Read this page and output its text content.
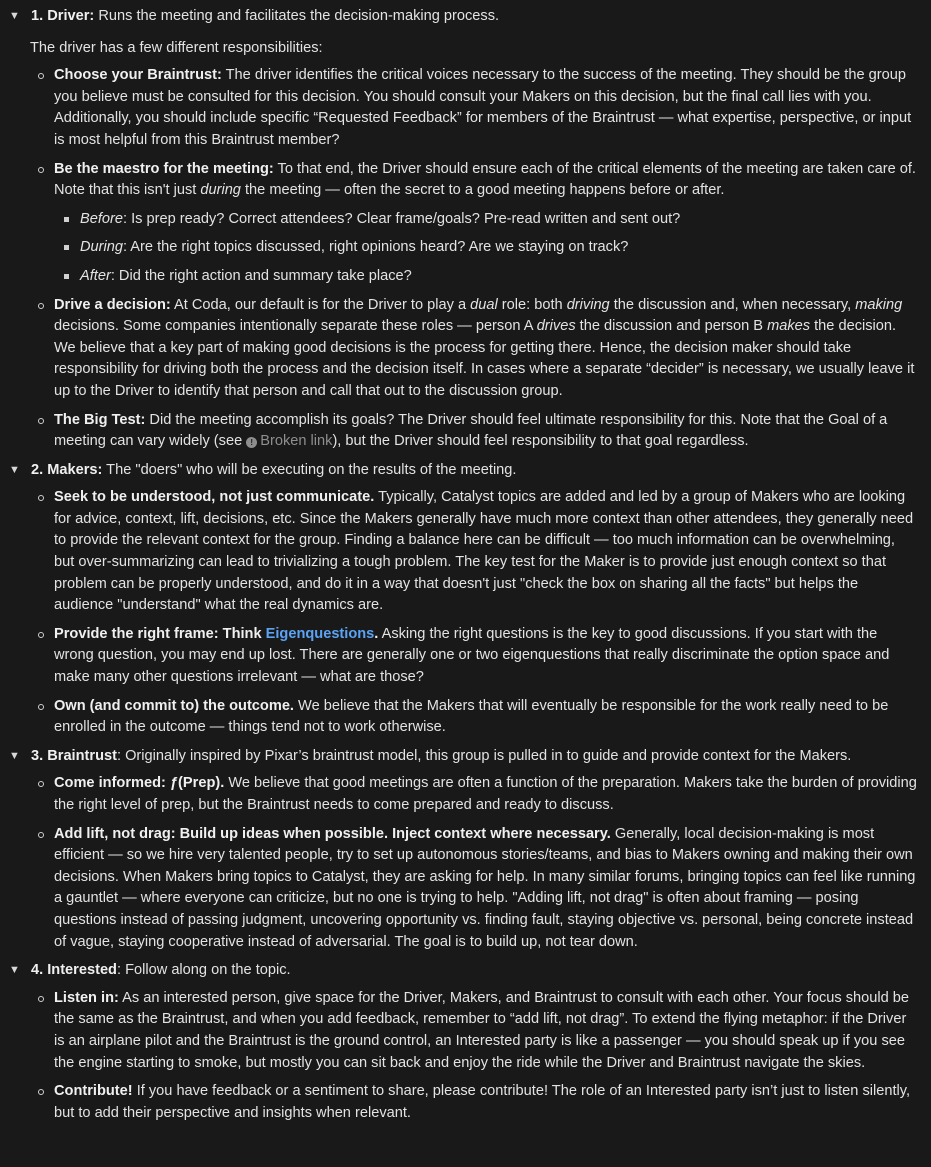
▼ 1. Driver: Runs the meeting and facilitates the decision-making process.
The driver has a few different responsibilities:
Choose your Braintrust: The driver identifies the critical voices necessary to the success of the meeting. They should be the group you believe must be consulted for this decision. You should consult your Makers on this decision, but the final call lies with you. Additionally, you should include specific “Requested Feedback” for members of the Braintrust — what expertise, perspective, or input is most helpful from this Braintrust member?
Be the maestro for the meeting: To that end, the Driver should ensure each of the critical elements of the meeting are taken care of. Note that this isn't just during the meeting — often the secret to a good meeting happens before or after.
Before: Is prep ready? Correct attendees? Clear frame/goals? Pre-read written and sent out?
During: Are the right topics discussed, right opinions heard? Are we staying on track?
After: Did the right action and summary take place?
Drive a decision: At Coda, our default is for the Driver to play a dual role: both driving the discussion and, when necessary, making decisions. Some companies intentionally separate these roles — person A drives the discussion and person B makes the decision. We believe that a key part of making good decisions is the process for getting there. Hence, the decision maker should take responsibility for driving both the process and the decision itself. In cases where a separate “decider” is necessary, we usually leave it up to the Driver to identify that person and call that out to the discussion group.
The Big Test: Did the meeting accomplish its goals? The Driver should feel ultimate responsibility for this. Note that the Goal of a meeting can vary widely (see ! Broken link), but the Driver should feel responsibility to that goal regardless.
▼ 2. Makers: The "doers" who will be executing on the results of the meeting.
Seek to be understood, not just communicate. Typically, Catalyst topics are added and led by a group of Makers who are looking for advice, context, lift, decisions, etc. Since the Makers generally have much more context than other attendees, they generally need to provide the relevant context for the group. Finding a balance here can be difficult — too much information can be overwhelming, but over-summarizing can lead to trivializing a tough problem. The key test for the Maker is to provide just enough context so that problem can be properly understood, and do it in a way that doesn't just "check the box on sharing all the facts" but helps the audience "understand" what the real dynamics are.
Provide the right frame: Think Eigenquestions. Asking the right questions is the key to good discussions. If you start with the wrong question, you may end up lost. There are generally one or two eigenquestions that really discriminate the option space and make many other questions irrelevant — what are those?
Own (and commit to) the outcome. We believe that the Makers that will eventually be responsible for the work really need to be enrolled in the outcome — things tend not to work otherwise.
▼ 3. Braintrust: Originally inspired by Pixar’s braintrust model, this group is pulled in to guide and provide context for the Makers.
Come informed: ƒ(Prep). We believe that good meetings are often a function of the preparation. Makers take the burden of providing the right level of prep, but the Braintrust needs to come prepared and ready to discuss.
Add lift, not drag: Build up ideas when possible. Inject context where necessary. Generally, local decision-making is most efficient — so we hire very talented people, try to set up autonomous stories/teams, and bias to Makers owning and making their own decisions. When Makers bring topics to Catalyst, they are asking for help. In many similar forums, bringing topics can feel like running a gauntlet — where everyone can criticize, but no one is trying to help. "Adding lift, not drag" is often about framing — posing questions instead of passing judgment, uncovering opportunity vs. finding fault, staying objective vs. personal, being concrete instead of vague, staying cooperative instead of adversarial. The goal is to build up, not tear down.
▼ 4. Interested: Follow along on the topic.
Listen in: As an interested person, give space for the Driver, Makers, and Braintrust to consult with each other. Your focus should be the same as the Braintrust, and when you add feedback, remember to “add lift, not drag”. To extend the flying metaphor: if the Driver is an airplane pilot and the Braintrust is the ground control, an Interested party is like a passenger — you should speak up if you see the engine starting to smoke, but mostly you can sit back and enjoy the ride while the Driver and Braintrust navigate the skies.
Contribute! If you have feedback or a sentiment to share, please contribute! The role of an Interested party isn’t just to listen silently, but to add their perspective and insights when relevant.
